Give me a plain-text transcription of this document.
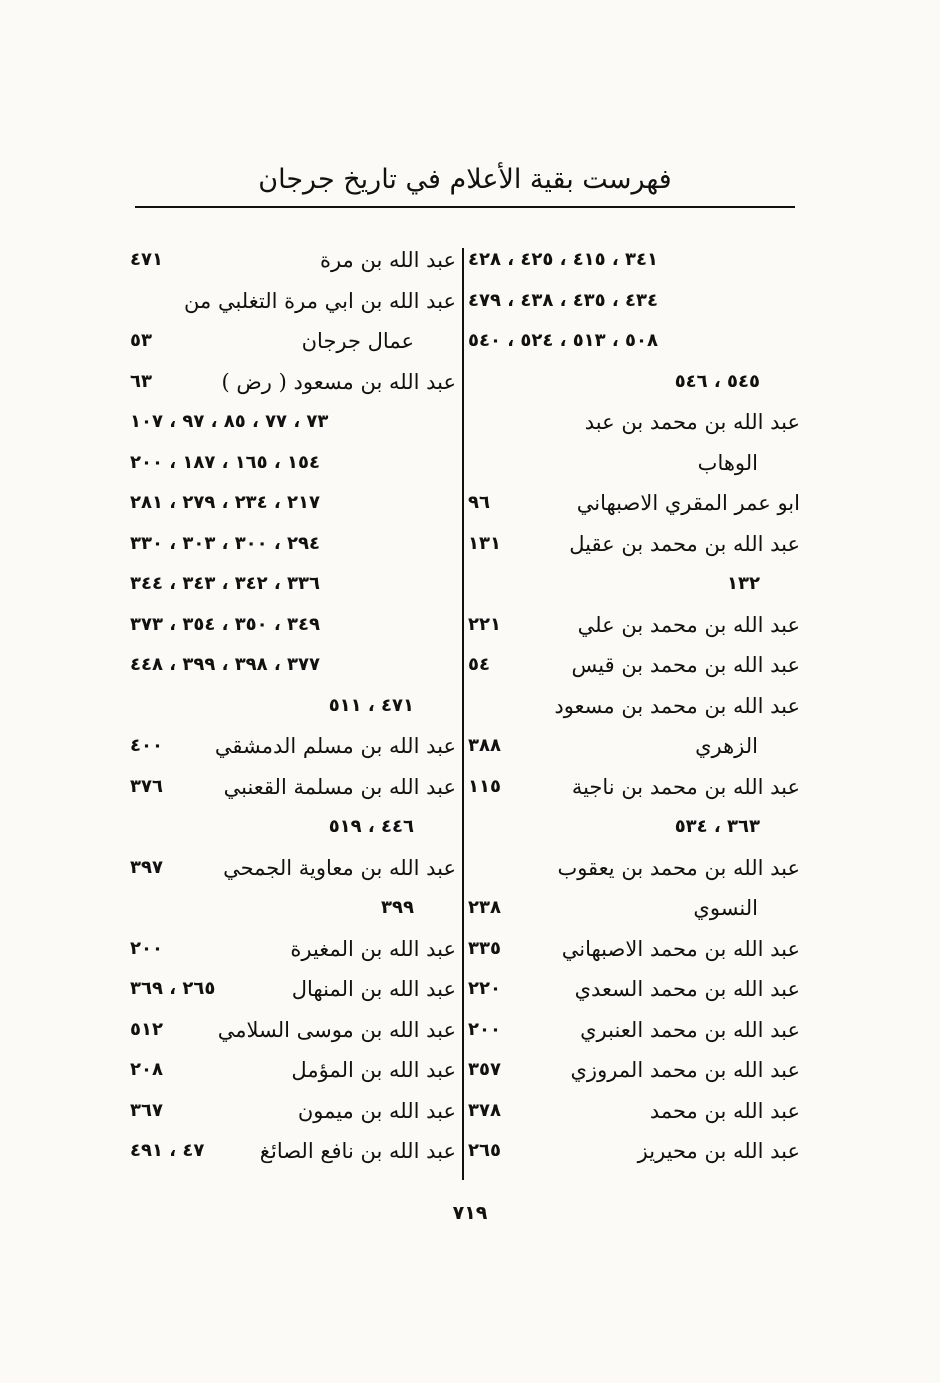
فهرست بقية الأعلام في تاريخ جرجان
٣٤١ ، ٤١٥ ، ٤٢٥ ، ٤٢٨
٤٣٤ ، ٤٣٥ ، ٤٣٨ ، ٤٧٩
٥٠٨ ، ٥١٣ ، ٥٢٤ ، ٥٤٠
٥٤٥ ، ٥٤٦
عبد الله بن محمد بن عبد
الوهاب
ابو عمر المقري الاصبهاني
٩٦
عبد الله بن محمد بن عقيل
١٣١
١٣٢
عبد الله بن محمد بن علي
٢٢١
عبد الله بن محمد بن قيس
٥٤
عبد الله بن محمد بن مسعود
الزهري
٣٨٨
عبد الله بن محمد بن ناجية
١١٥
٣٦٣ ، ٥٣٤
عبد الله بن محمد بن يعقوب
النسوي
٢٣٨
عبد الله بن محمد الاصبهاني
٣٣٥
عبد الله بن محمد السعدي
٢٢٠
عبد الله بن محمد العنبري
٢٠٠
عبد الله بن محمد المروزي
٣٥٧
عبد الله بن محمد
٣٧٨
عبد الله بن محيريز
٢٦٥
عبد الله بن مرة
٤٧١
عبد الله بن ابي مرة التغلبي من
عمال جرجان
٥٣
عبد الله بن مسعود ( رض )
٦٣
٧٣ ، ٧٧ ، ٨٥ ، ٩٧ ، ١٠٧
١٥٤ ، ١٦٥ ، ١٨٧ ، ٢٠٠
٢١٧ ، ٢٣٤ ، ٢٧٩ ، ٢٨١
٢٩٤ ، ٣٠٠ ، ٣٠٣ ، ٣٣٠
٣٣٦ ، ٣٤٢ ، ٣٤٣ ، ٣٤٤
٣٤٩ ، ٣٥٠ ، ٣٥٤ ، ٣٧٣
٣٧٧ ، ٣٩٨ ، ٣٩٩ ، ٤٤٨
٤٧١ ، ٥١١
عبد الله بن مسلم الدمشقي
٤٠٠
عبد الله بن مسلمة القعنبي
٣٧٦
٤٤٦ ، ٥١٩
عبد الله بن معاوية الجمحي
٣٩٧
٣٩٩
عبد الله بن المغيرة
٢٠٠
عبد الله بن المنهال
٢٦٥ ، ٣٦٩
عبد الله بن موسى السلامي
٥١٢
عبد الله بن المؤمل
٢٠٨
عبد الله بن ميمون
٣٦٧
عبد الله بن نافع الصائغ
٤٧ ، ٤٩١
٧١٩
